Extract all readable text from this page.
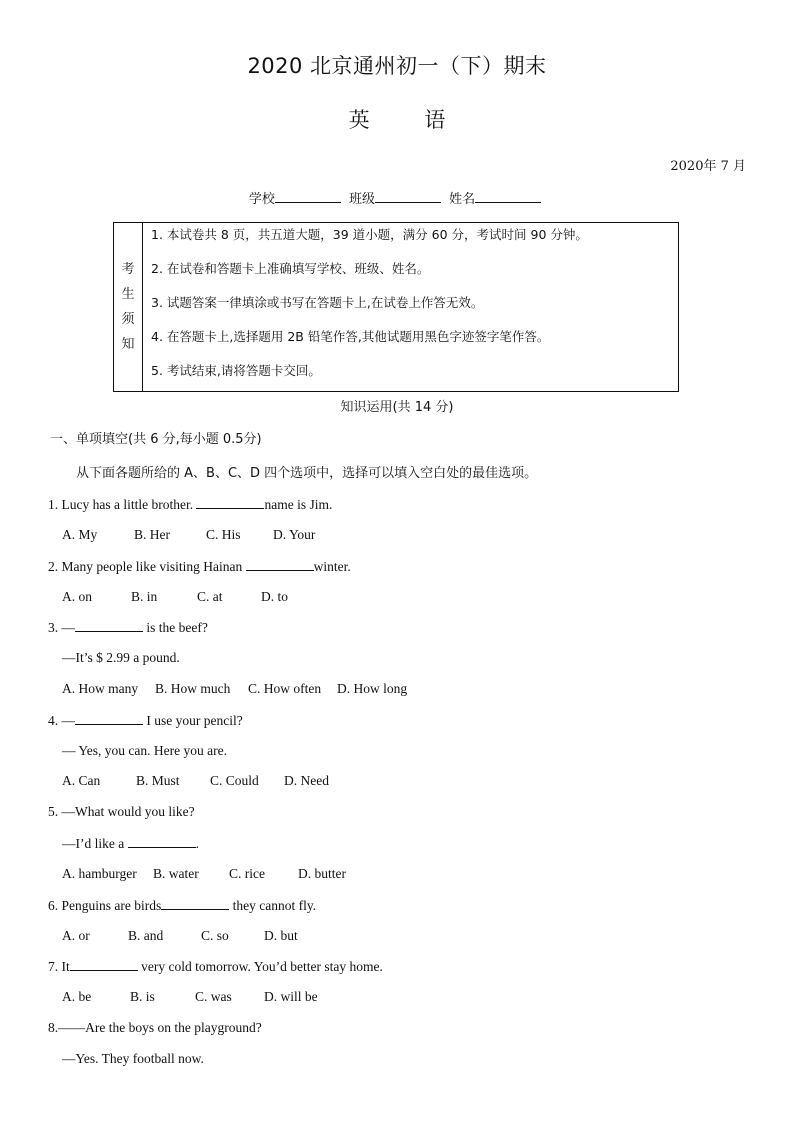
2020 北京通州初一（下）期末
英 语
2020年 7 月
学校	班级	姓名
考
生
须
知
1. 本试卷共 8 页，共五道大题，39 道小题，满分 60 分，考试时间 90 分钟。
2. 在试卷和答题卡上准确填写学校、班级、姓名。
3. 试题答案一律填涂或书写在答题卡上,在试卷上作答无效。
4. 在答题卡上,选择题用 2B 铅笔作答,其他试题用黑色字迹签字笔作答。
5. 考试结束,请将答题卡交回。
知识运用(共 14 分)
一、单项填空(共 6 分,每小题 0.5分)
从下面各题所给的 A、B、C、D 四个选项中，选择可以填入空白处的最佳选项。
1. Lucy has a little brother.	name is Jim.
A. My	B. Her	C. His D. Your
2. Many people like visiting Hainan	winter.
A. on	B. in	C. at	D. to
3. —	is the beef?
—It’s $ 2.99 a pound.
A. How many B. How much C. How often D. How long
4. —	I use your pencil?
— Yes, you can. Here you are.
A. Can	B. Must C. Could D. Need
5. —What would you like?
—I’d like a	.
A. hamburger B. water C. rice D. butter
6. Penguins are birds	they cannot fly.
A. or	B. and	C. so	D. but
7. It	very cold tomorrow. You’d better stay home.
A. be	B. is	C. was D. will be
8.——Are the boys on the playground?
—Yes. They football now.
